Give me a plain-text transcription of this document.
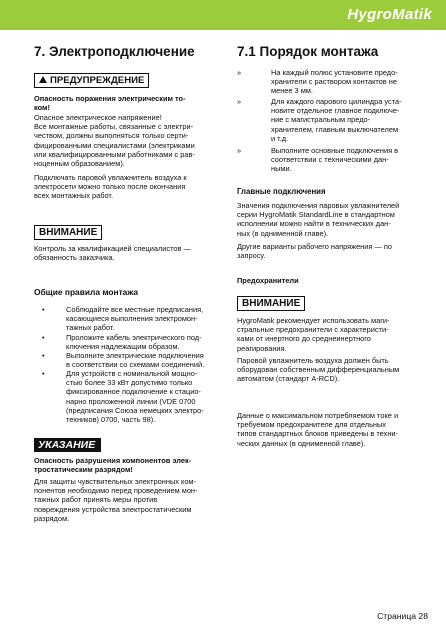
HygroMatik
7. Электроподключение
ПРЕДУПРЕЖДЕНИЕ
Опасность поражения электрическим то-
ком!
Опасное электрическое напряжение!
Все монтажные работы, связанные с электри-
чеством, должны выполняться только серти-
фицированными специалистами (электриками
или квалифицированными работниками с рав-
ноценным образованием).
Подключать паровой увлажнитель воздуха к
электросети можно только после окончания
всех монтажных работ.
ВНИМАНИЕ
Контроль за квалификацией специалистов —
обязанность заказчика.
Общие правила монтажа
•	Соблюдайте все местные предписания,
касающиеся выполнения электромон-
тажных работ.
•	Проложите кабель электрического под-
ключения надлежащим образом.
•	Выполните электрические подключения
в соответствии со схемами соединений.
•	Для устройств с номинальной мощно-
стью более 33 кВт допустимо только
фиксированное подключение к стацио-
нарно проложенной линии (VDE 0700
(предписания Союза немецких электро-
техников) 0700, часть 98).
УКАЗАНИЕ
Опасность разрушения компонентов элек-
тростатическим разрядом!
Для защиты чувствительных электронных ком-
понентов необходимо перед проведением мон-
тажных работ принять меры против
повреждения устройства электростатическим
разрядом.
7.1 Порядок монтажа
»	На каждый полюс установите предо-
хранители с раствором контактов не
менее 3 мм.
»	Для каждого парового цилиндра уста-
новите отдельное главное подключе-
ние с магистральным предо-
хранителем, главным выключателем
и т.д.
»	Выполните основные подключения в
соответствии с техническими дан-
ными.
Главные подключения
Значения подключения паровых увлажнителей
серии HygroMatik StandardLine в стандартном
исполнении можно найти в технических дан-
ных (в однименной главе).
Другие варианты рабочего напряжения — по
запросу.
Предохранители
ВНИМАНИЕ
HygroMatik рекомендует использовать маги-
стральные предохранители с характеристи-
ками от инертного до среднеинертного
реагирования.
Паровой увлажнитель воздуха должен быть
оборудован собственным дифференциальным
автоматом (стандарт A-RCD).
Данные о максимальном потребляемом токе и
требуемом предохранителе для отдельных
типов стандартных блоков приведены в техни-
ческих данных (в однименной главе).
Страница 28
